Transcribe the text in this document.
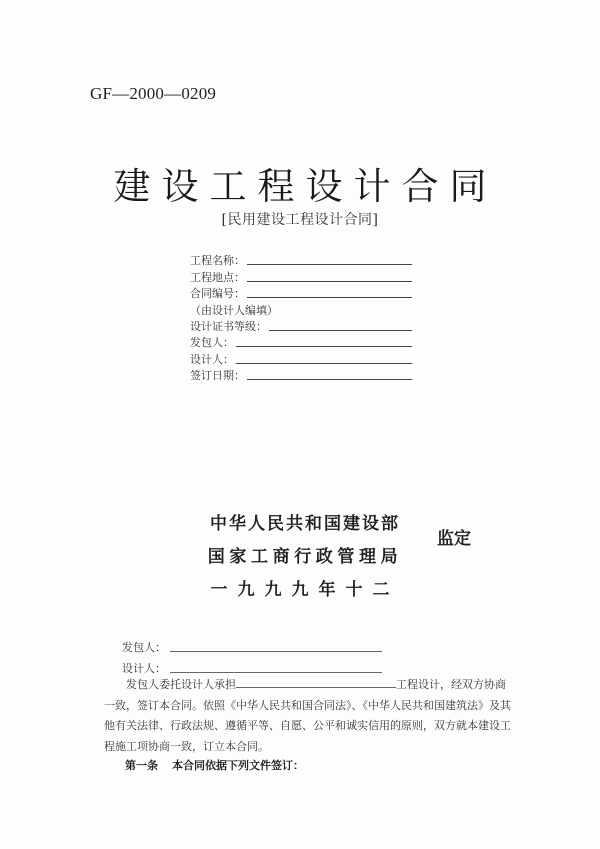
GF—2000—0209
建设工程设计合同
[民用建设工程设计合同]
工程名称：
工程地点：
合同编号：
（由设计人编填）
设计证书等级：
发包人：
设计人：
签订日期：
中华人民共和国建设部
国家工商行政管理局
一九九九年十二
监定
发包人：
设计人：

发包人委托设计人承担	工程设计，经双方协商一致，签订本合同。依照《中华人民共和国合同法》、《中华人民共和国建筑法》及其他有关法律、行政法规、遵循平等、自愿、公平和诚实信用的原则，双方就本建设工程施工项协商一致，订立本合同。

第一条 本合同依据下列文件签订：
